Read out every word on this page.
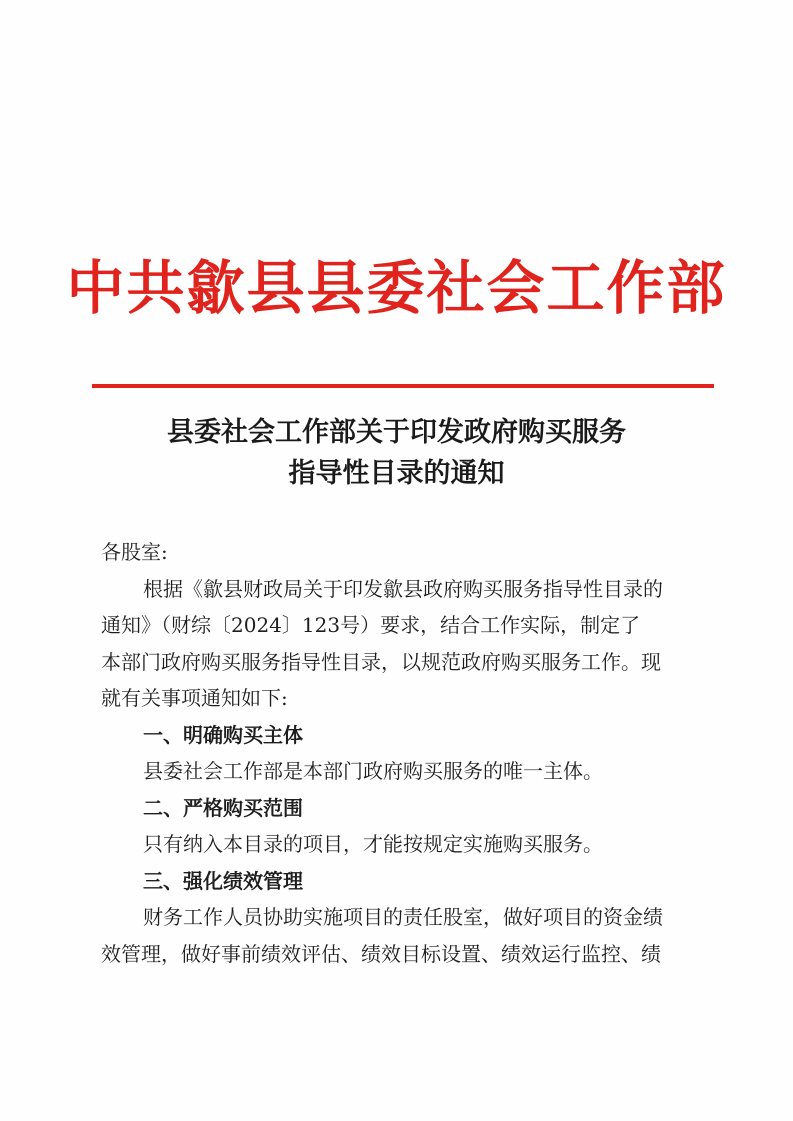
中共歙县县委社会工作部
县委社会工作部关于印发政府购买服务
指导性目录的通知
各股室:
根据《歙县财政局关于印发歙县政府购买服务指导性目录的
通知》（财综〔2024〕123号）要求，结合工作实际，制定了
本部门政府购买服务指导性目录，以规范政府购买服务工作。现
就有关事项通知如下:
一、明确购买主体
县委社会工作部是本部门政府购买服务的唯一主体。
二、严格购买范围
只有纳入本目录的项目，才能按规定实施购买服务。
三、强化绩效管理
财务工作人员协助实施项目的责任股室，做好项目的资金绩
效管理，做好事前绩效评估、绩效目标设置、绩效运行监控、绩
